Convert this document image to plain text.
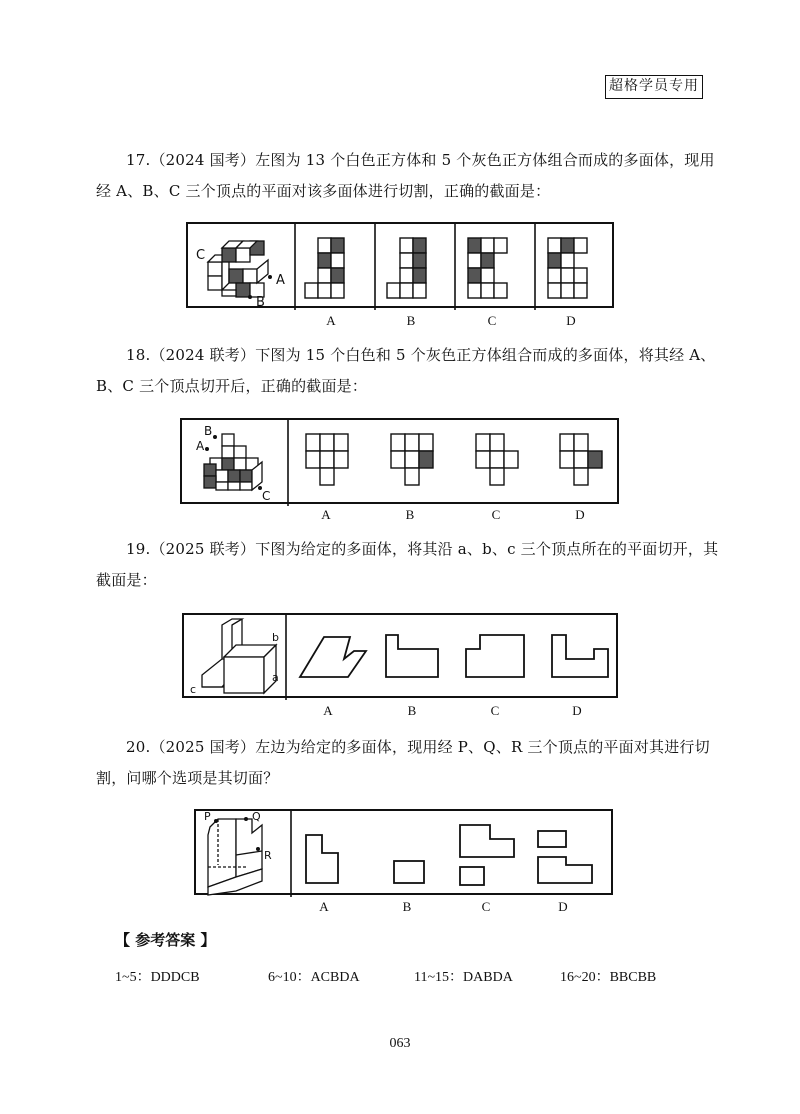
超格学员专用
17.（2024 国考）左图为 13 个白色正方体和 5 个灰色正方体组合而成的多面体，现用经 A、B、C 三个顶点的平面对该多面体进行切割，正确的截面是：
C
A
B
A	B	C	D
18.（2024 联考）下图为 15 个白色和 5 个灰色正方体组合而成的多面体，将其经 A、B、C 三个顶点切开后，正确的截面是：
B
A
C
A	B	C	D
19.（2025 联考）下图为给定的多面体，将其沿 a、b、c 三个顶点所在的平面切开，其截面是：
b
c
a
A	B	C	D
20.（2025 国考）左边为给定的多面体，现用经 P、Q、R 三个顶点的平面对其进行切割，问哪个选项是其切面？
P	Q
R
A	B	C	D
【 参考答案 】
1~5：DDDCB	6~10：ACBDA	11~15：DABDA	16~20：BBCBB
063
